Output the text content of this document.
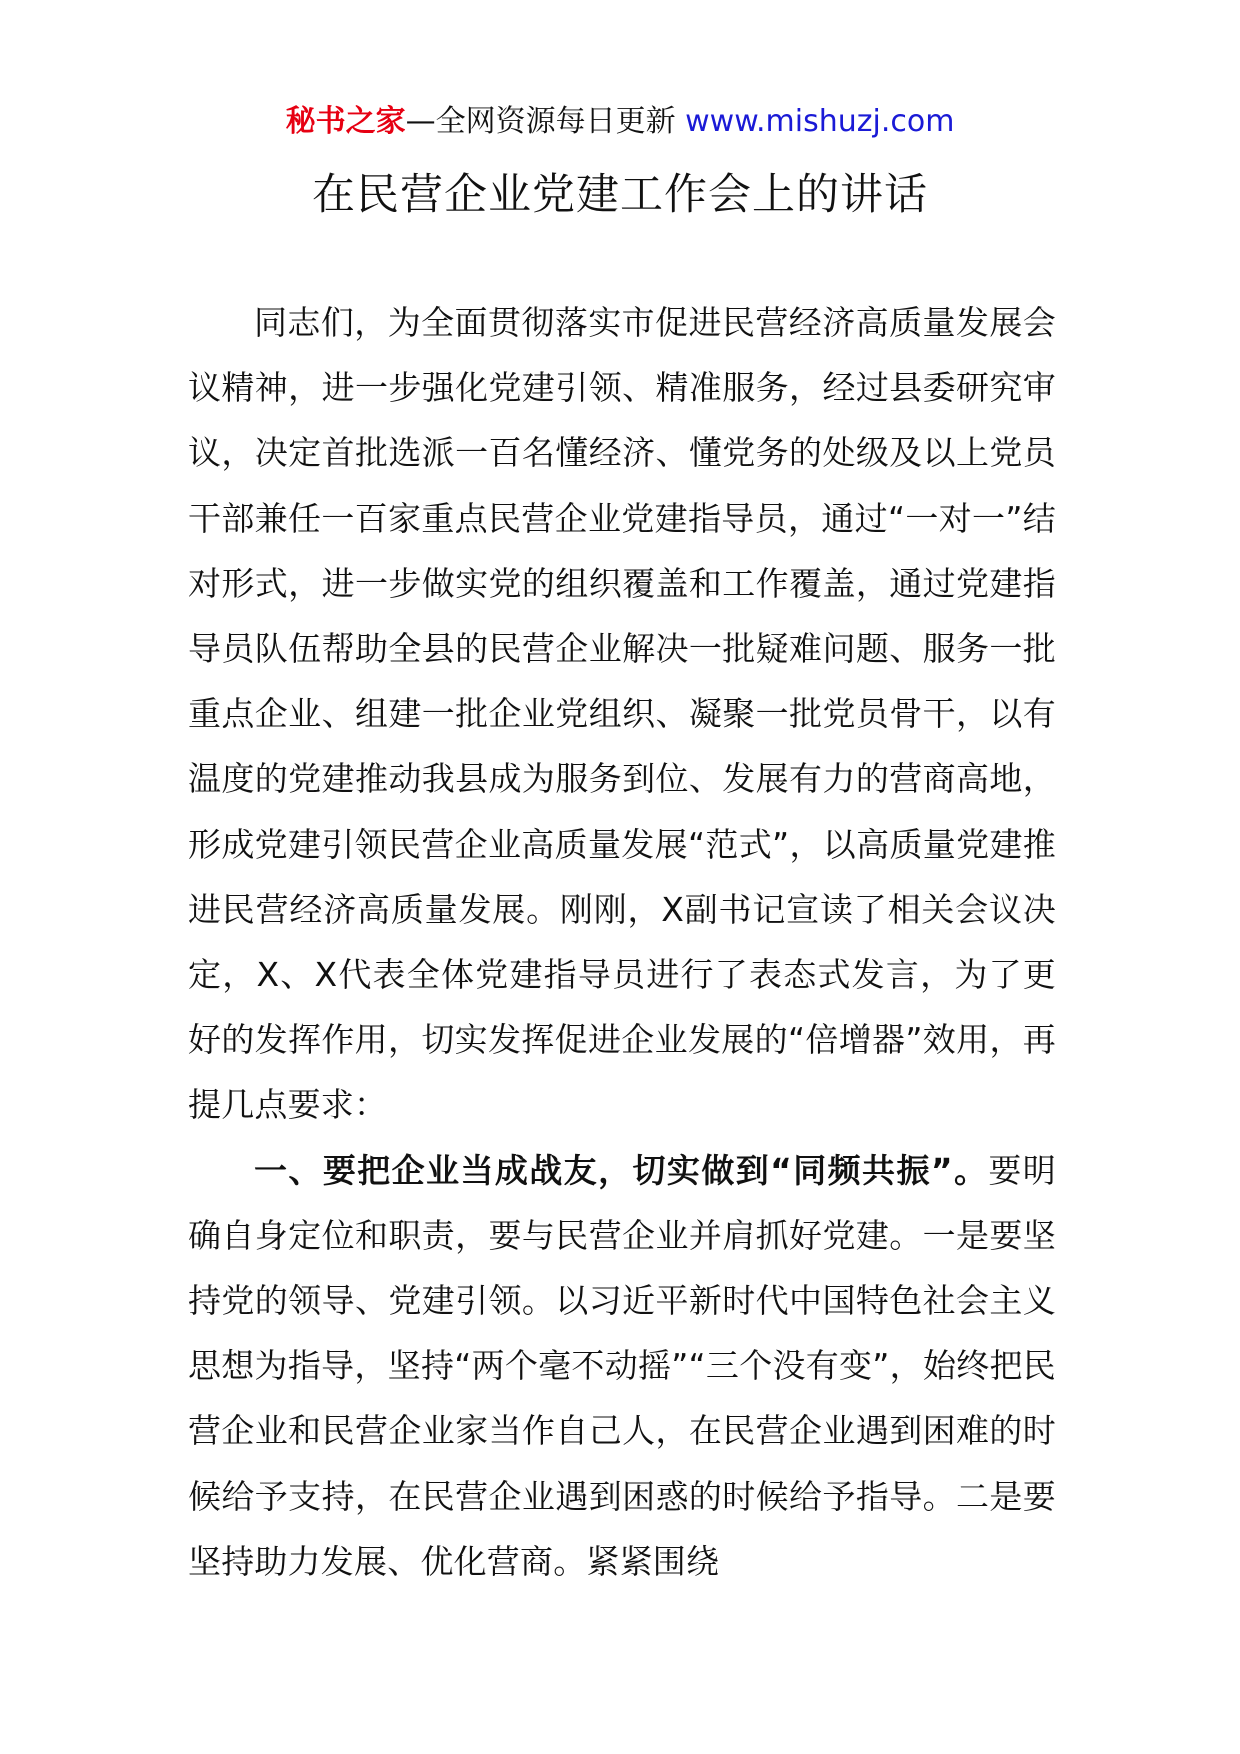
秘书之家—全网资源每日更新 www.mishuzj.com
在民营企业党建工作会上的讲话

同志们，为全面贯彻落实市促进民营经济高质量发展会议精神，进一步强化党建引领、精准服务，经过县委研究审议，决定首批选派一百名懂经济、懂党务的处级及以上党员干部兼任一百家重点民营企业党建指导员，通过“一对一”结对形式，进一步做实党的组织覆盖和工作覆盖，通过党建指导员队伍帮助全县的民营企业解决一批疑难问题、服务一批重点企业、组建一批企业党组织、凝聚一批党员骨干，以有温度的党建推动我县成为服务到位、发展有力的营商高地，形成党建引领民营企业高质量发展“范式”，以高质量党建推进民营经济高质量发展。刚刚，X副书记宣读了相关会议决定，X、X代表全体党建指导员进行了表态式发言，为了更好的发挥作用，切实发挥促进企业发展的“倍增器”效用，再提几点要求：

一、要把企业当成战友，切实做到“同频共振”。要明确自身定位和职责，要与民营企业并肩抓好党建。一是要坚持党的领导、党建引领。以习近平新时代中国特色社会主义思想为指导，坚持“两个毫不动摇”“三个没有变”，始终把民营企业和民营企业家当作自己人，在民营企业遇到困难的时候给予支持，在民营企业遇到困惑的时候给予指导。二是要坚持助力发展、优化营商。紧紧围绕
